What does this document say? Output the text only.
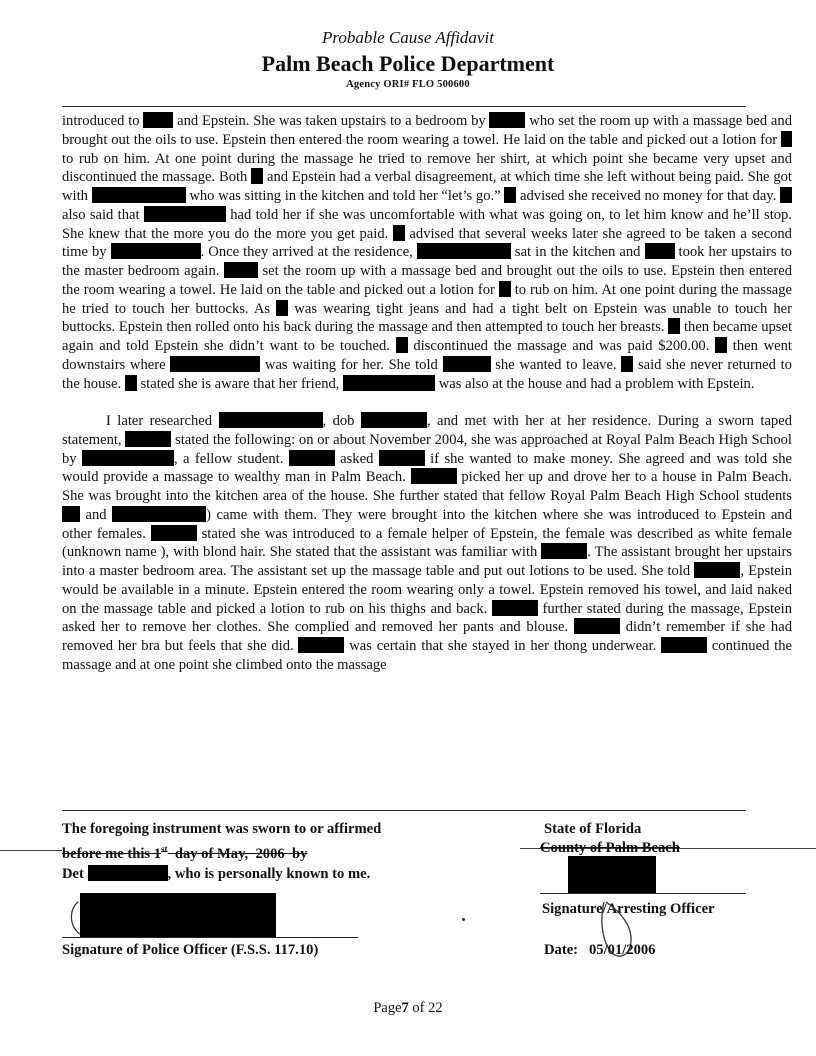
Probable Cause Affidavit
Palm Beach Police Department
Agency ORI# FLO 500600

introduced to  and Epstein. She was taken upstairs to a bedroom by  who set the room up with a massage bed and brought out the oils to use. Epstein then entered the room wearing a towel. He laid on the table and picked out a lotion for  to rub on him. At one point during the massage he tried to remove her shirt, at which point she became very upset and discontinued the massage. Both  and Epstein had a verbal disagreement, at which time she left without being paid. She got with	who was sitting in the kitchen and told her “let’s go.”  advised she received no money for that day.  also said that	had told her if she was uncomfortable with what was going on, to let him know and he’ll stop. She knew that the more you do the more you get paid.  advised that several weeks later she agreed to be taken a second time by	. Once they arrived at the residence,	sat in the kitchen and  took her upstairs to the master bedroom again.  set the room up with a massage bed and brought out the oils to use. Epstein then entered the room wearing a towel. He laid on the table and picked out a lotion for  to rub on him. At one point during the massage he tried to touch her buttocks. As  was wearing tight jeans and had a tight belt on Epstein was unable to touch her buttocks. Epstein then rolled onto his back during the massage and then attempted to touch her breasts.  then became upset again and told Epstein she didn’t want to be touched.  discontinued the massage and was paid $200.00.  then went downstairs where	was waiting for her. She told	she wanted to leave.  said she never returned to the house.  stated she is aware that her friend,	was also at the house and had a problem with Epstein.

I later researched	, dob	, and met with her at her residence. During a sworn taped statement,	stated the following: on or about November 2004, she was approached at Royal Palm Beach High School by	, a fellow student.	asked	if she wanted to make money. She agreed and was told she would provide a massage to wealthy man in Palm Beach.	picked her up and drove her to a house in Palm Beach. She was brought into the kitchen area of the house. She further stated that fellow Royal Palm Beach High School students  and	) came with them. They were brought into the kitchen where she was introduced to Epstein and other females.	stated she was introduced to a female helper of Epstein, the female was described as white female (unknown name ), with blond hair. She stated that the assistant was familiar with	. The assistant brought her upstairs into a master bedroom area. The assistant set up the massage table and put out lotions to be used. She told	, Epstein would be available in a minute. Epstein entered the room wearing only a towel. Epstein removed his towel, and laid naked on the massage table and picked a lotion to rub on his thighs and back.	further stated during the massage, Epstein asked her to remove her clothes. She complied and removed her pants and blouse.	didn’t remember if she had removed her bra but feels that she did.	was certain that she stayed in her thong underwear.	continued the massage and at one point she climbed onto the massage

The foregoing instrument was sworn to or affirmed
before me this 1st  day of May,  2006  by
Det	, who is personally known to me.
Signature of Police Officer (F.S.S. 117.10)
State of Florida
County of Palm Beach
Signature/Arresting Officer
Date: 05/01/2006
Page7 of 22
